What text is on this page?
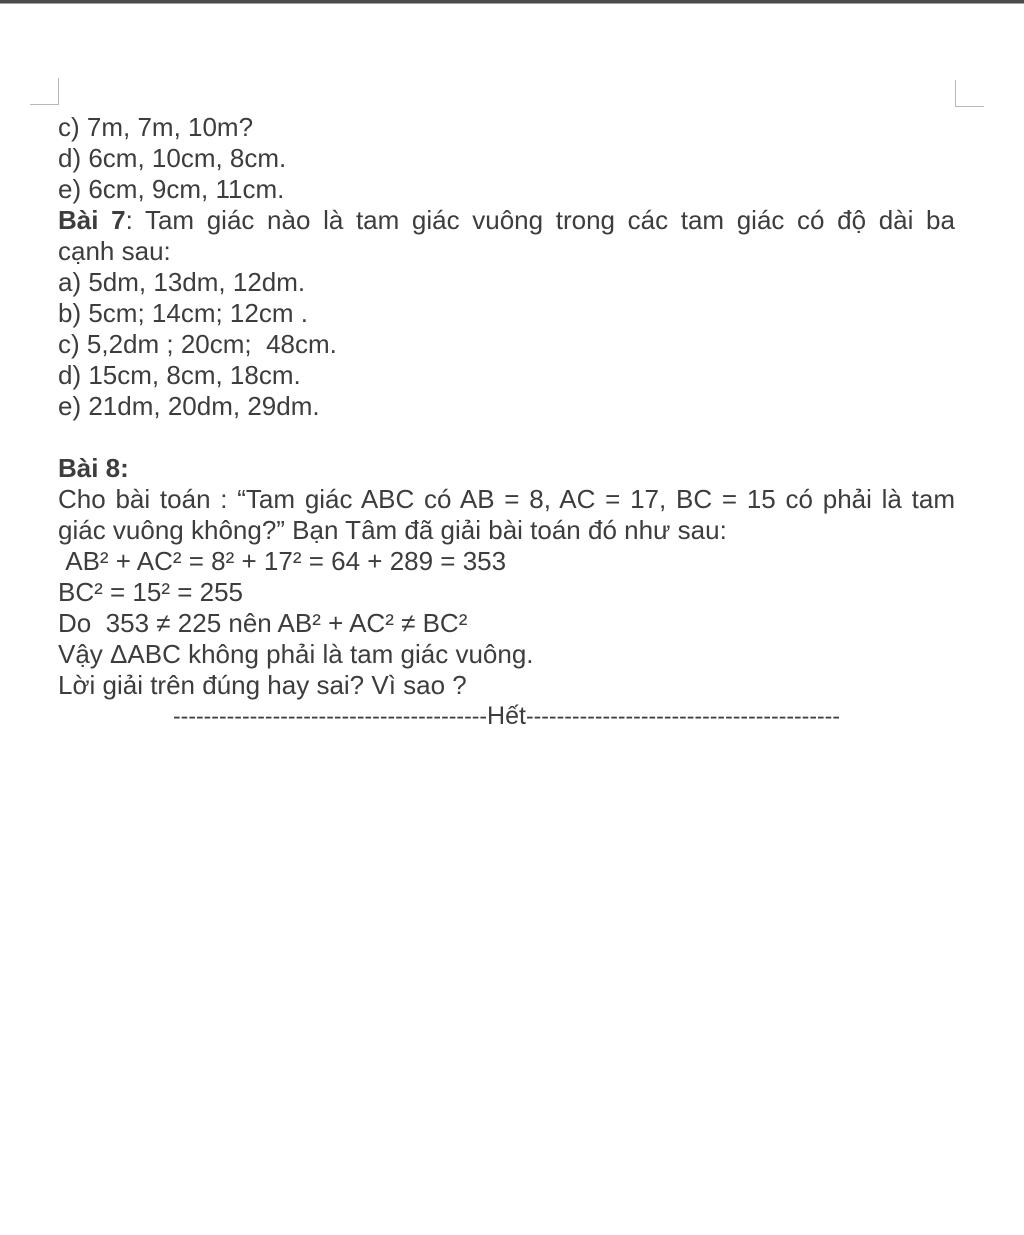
c) 7m, 7m, 10m?
d) 6cm, 10cm, 8cm.
e) 6cm, 9cm, 11cm.
Bài 7: Tam giác nào là tam giác vuông trong các tam giác có độ dài ba
cạnh sau:
a) 5dm, 13dm, 12dm.
b) 5cm; 14cm; 12cm .
c) 5,2dm ; 20cm;  48cm.
d) 15cm, 8cm, 18cm.
e) 21dm, 20dm, 29dm.
Bài 8:
Cho bài toán : “Tam giác ABC có AB = 8, AC = 17, BC = 15 có phải là tam
giác vuông không?” Bạn Tâm đã giải bài toán đó như sau:
AB² + AC² = 8² + 17² = 64 + 289 = 353
BC² = 15² = 255
Do  353 ≠ 225 nên AB² + AC² ≠ BC²
Vậy ΔABC không phải là tam giác vuông.
Lời giải trên đúng hay sai? Vì sao ?
-----------------------------------------Hết-----------------------------------------
